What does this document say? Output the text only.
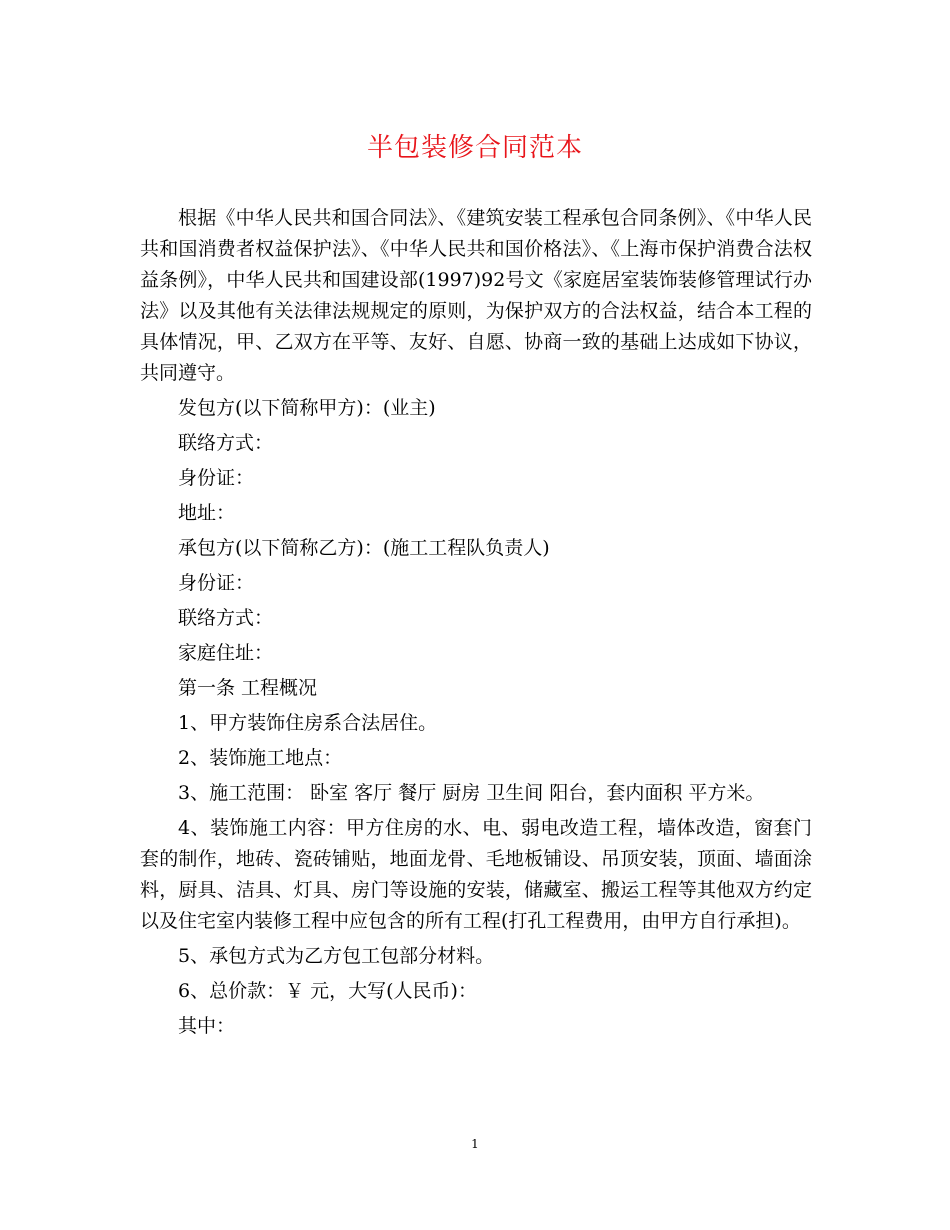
半包装修合同范本

根据《中华人民共和国合同法》、《建筑安装工程承包合同条例》、《中华人民共和国消费者权益保护法》、《中华人民共和国价格法》、《上海市保护消费合法权益条例》，中华人民共和国建设部(1997)92号文《家庭居室装饰装修管理试行办法》以及其他有关法律法规规定的原则，为保护双方的合法权益，结合本工程的具体情况，甲、乙双方在平等、友好、自愿、协商一致的基础上达成如下协议，共同遵守。

发包方(以下简称甲方)：(业主)

联络方式：

身份证：

地址：

承包方(以下简称乙方)：(施工工程队负责人)

身份证：

联络方式：

家庭住址：

第一条 工程概况

1、甲方装饰住房系合法居住。

2、装饰施工地点：

3、施工范围： 卧室 客厅 餐厅 厨房 卫生间 阳台，套内面积 平方米。

4、装饰施工内容：甲方住房的水、电、弱电改造工程，墙体改造，窗套门套的制作，地砖、瓷砖铺贴，地面龙骨、毛地板铺设、吊顶安装，顶面、墙面涂料，厨具、洁具、灯具、房门等设施的安装，储藏室、搬运工程等其他双方约定以及住宅室内装修工程中应包含的所有工程(打孔工程费用，由甲方自行承担)。

5、承包方式为乙方包工包部分材料。

6、总价款：￥ 元，大写(人民币)：

其中：

1
